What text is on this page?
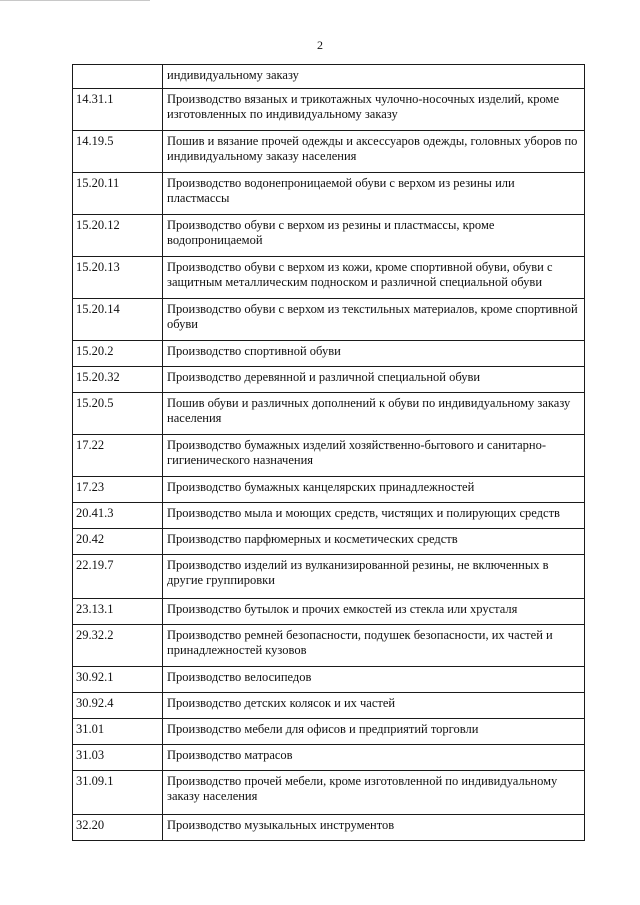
2
	индивидуальному заказу
14.31.1	Производство вязаных и трикотажных чулочно-носочных изделий, кроме изготовленных по индивидуальному заказу
14.19.5	Пошив и вязание прочей одежды и аксессуаров одежды, головных уборов по индивидуальному заказу населения
15.20.11	Производство водонепроницаемой обуви с верхом из резины или пластмассы
15.20.12	Производство обуви с верхом из резины и пластмассы, кроме водопроницаемой
15.20.13	Производство обуви с верхом из кожи, кроме спортивной обуви, обуви с защитным металлическим подноском и различной специальной обуви
15.20.14	Производство обуви с верхом из текстильных материалов, кроме спортивной обуви
15.20.2	Производство спортивной обуви
15.20.32	Производство деревянной и различной специальной обуви
15.20.5	Пошив обуви и различных дополнений к обуви по индивидуальному заказу населения
17.22	Производство бумажных изделий хозяйственно-бытового и санитарно-гигиенического назначения
17.23	Производство бумажных канцелярских принадлежностей
20.41.3	Производство мыла и моющих средств, чистящих и полирующих средств
20.42	Производство парфюмерных и косметических средств
22.19.7	Производство изделий из вулканизированной резины, не включенных в другие группировки
23.13.1	Производство бутылок и прочих емкостей из стекла или хрусталя
29.32.2	Производство ремней безопасности, подушек безопасности, их частей и принадлежностей кузовов
30.92.1	Производство велосипедов
30.92.4	Производство детских колясок и их частей
31.01	Производство мебели для офисов и предприятий торговли
31.03	Производство матрасов
31.09.1	Производство прочей мебели, кроме изготовленной по индивидуальному заказу населения
32.20	Производство музыкальных инструментов
